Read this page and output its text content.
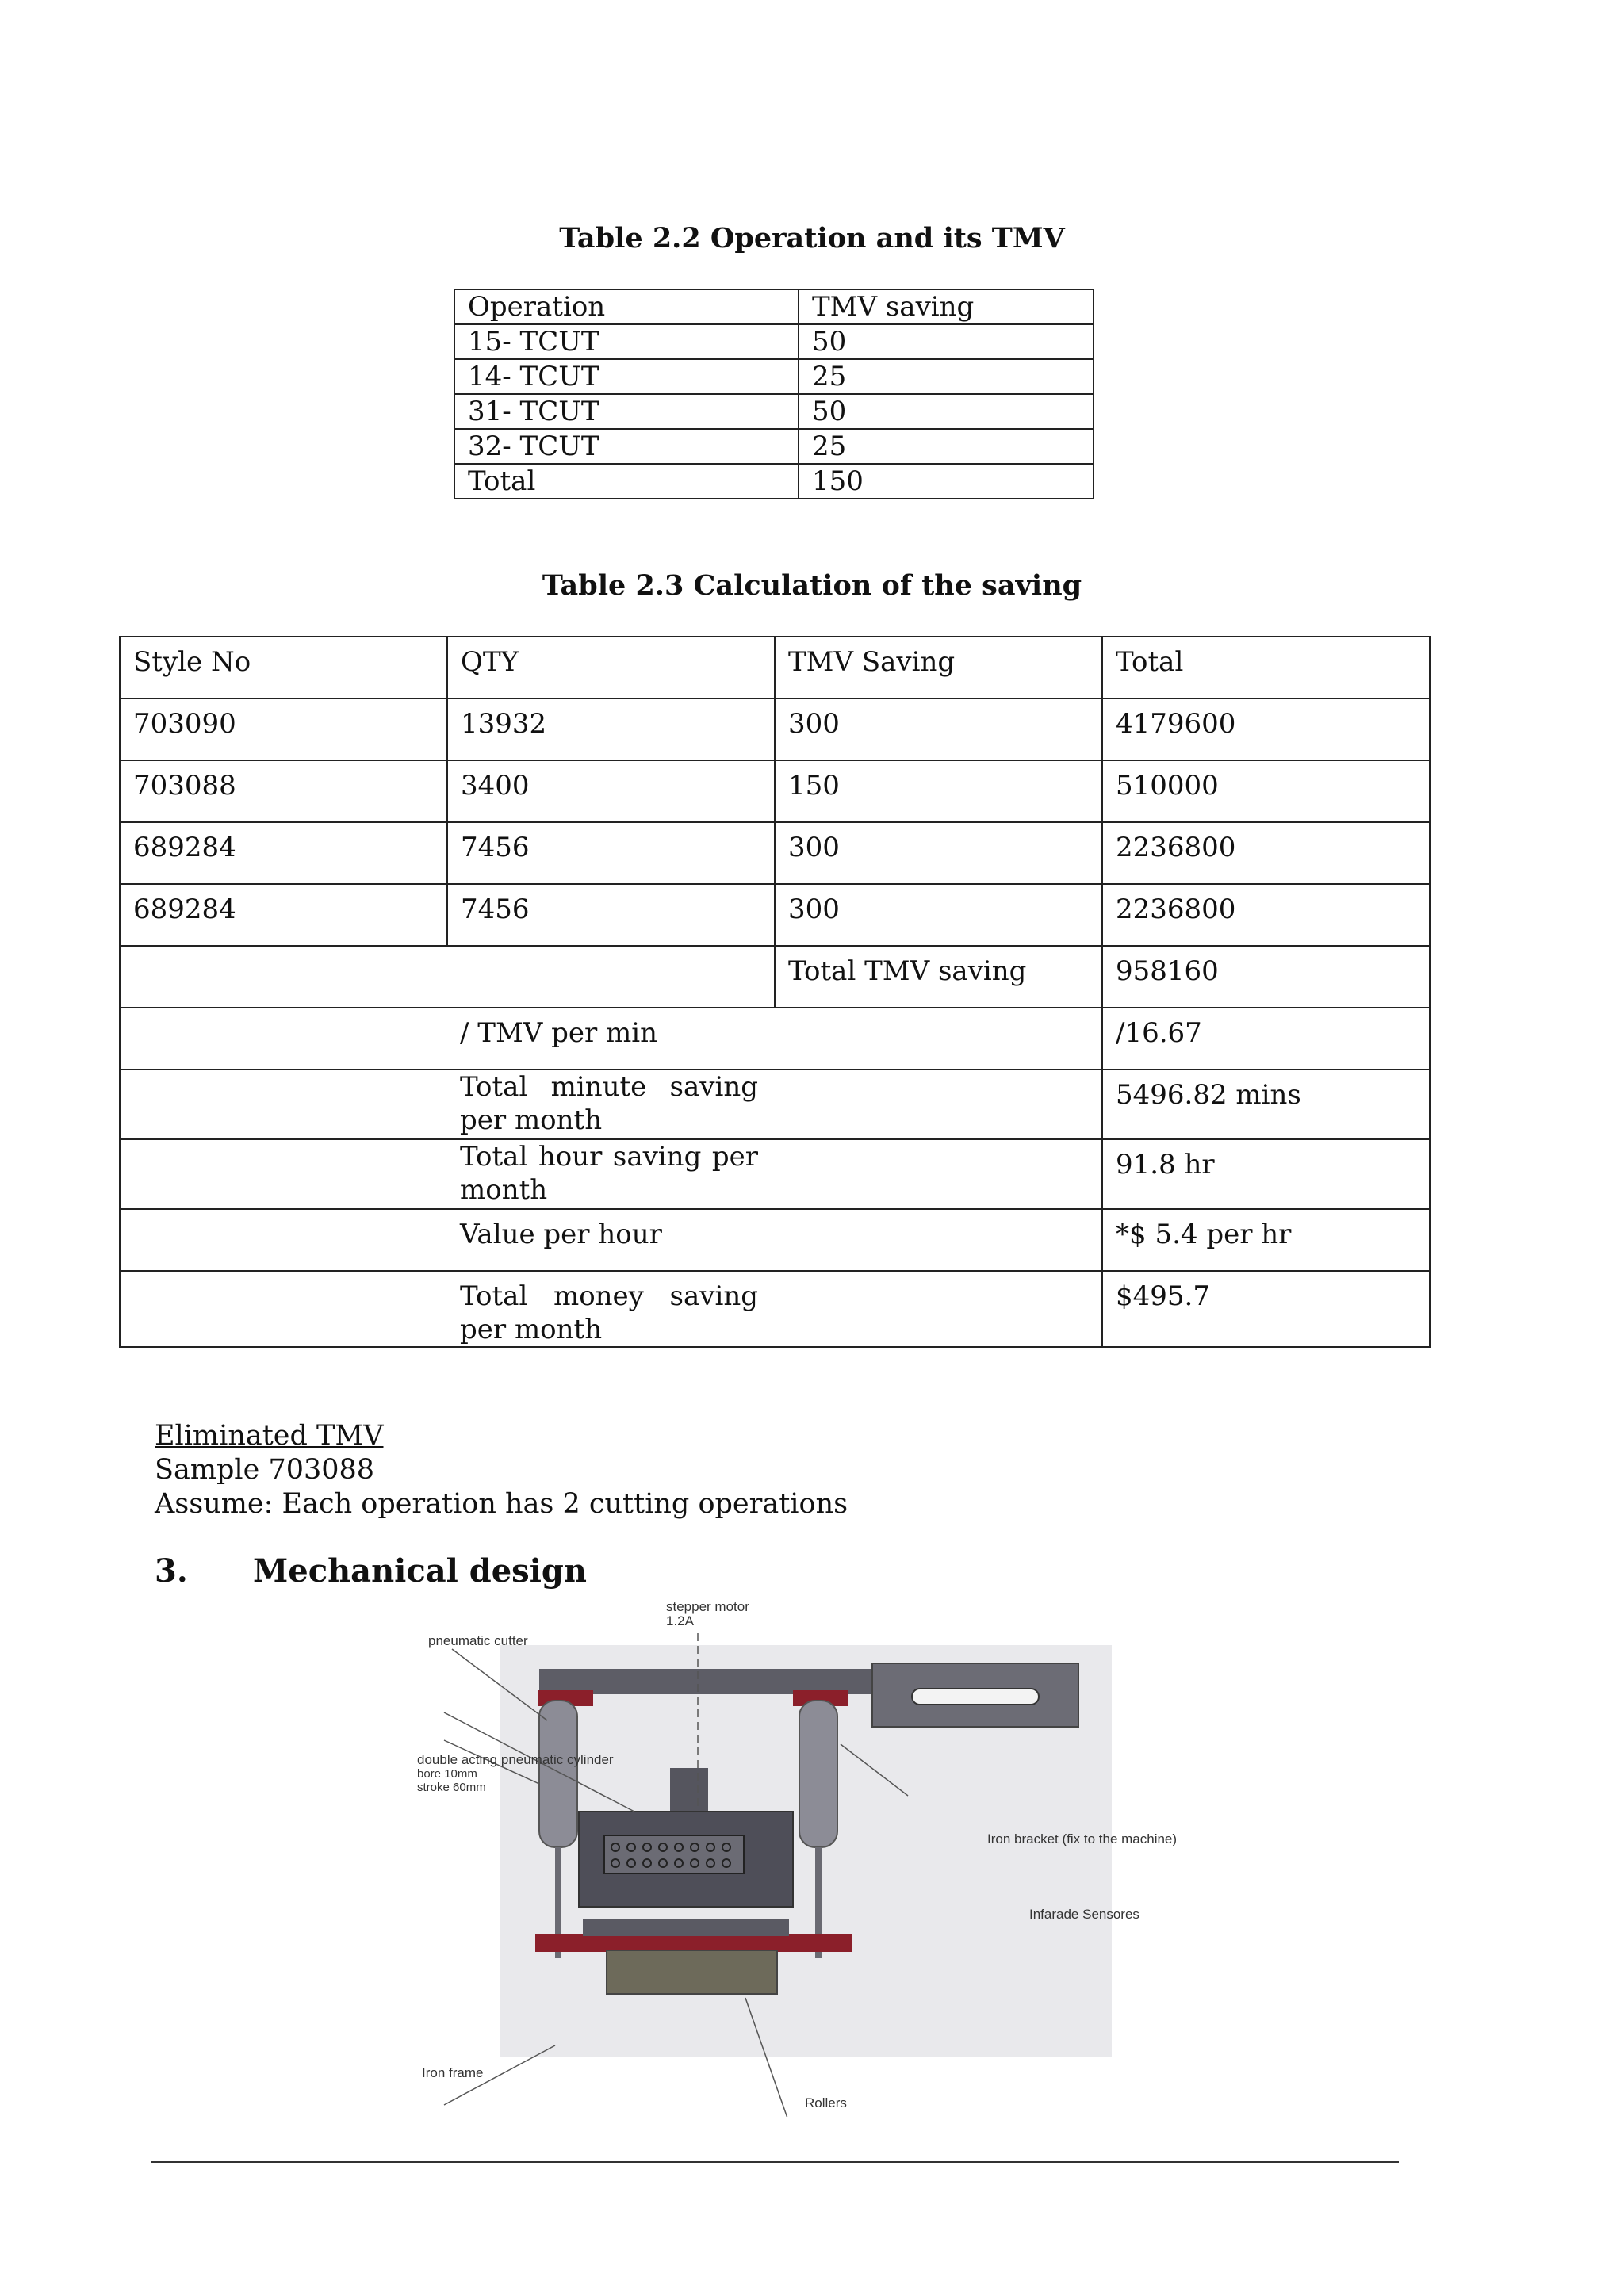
Table 2.2 Operation and its TMV
Operation	TMV saving
15- TCUT	50
14- TCUT	25
31- TCUT	50
32- TCUT	25
Total	150
Table 2.3 Calculation of the saving
Style No	QTY	TMV Saving	Total
703090	13932	300	4179600
703088	3400	150	510000
689284	7456	300	2236800
689284	7456	300	2236800
		Total TMV saving	958160
	/ TMV per min		/16.67

	Total minute saving per month		5496.82 mins

	Total hour saving per month		91.8 hr
	Value per hour		*$ 5.4 per hr

	Total money saving per month		$495.7
Eliminated TMV
Sample 703088
Assume: Each operation has 2 cutting operations
3. Mechanical design
stepper motor
1.2A
pneumatic cutter
double acting pneumatic cylinder
bore 10mm
stroke 60mm
Iron bracket (fix to the machine)
Infarade Sensores
Iron frame
Rollers
